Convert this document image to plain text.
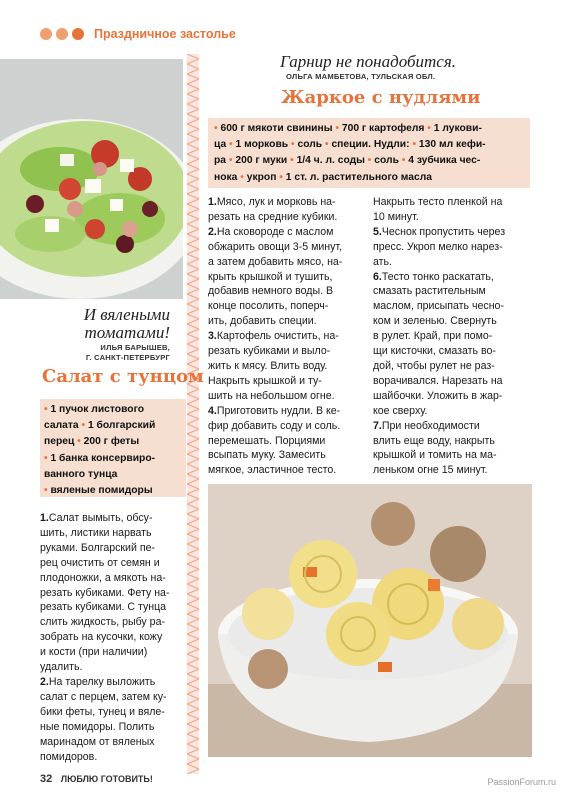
Праздничное застолье
И вялеными
томатами!
ИЛЬЯ БАРЫШЕВ,
Г. САНКТ-ПЕТЕРБУРГ
Салат с тунцом
• 1 пучок листового
салата • 1 болгарский
перец • 200 г феты
• 1 банка консервиро-
ванного тунца
• вяленые помидоры
1.Салат вымыть, обсу-
шить, листики нарвать
руками. Болгарский пе-
рец очистить от семян и
плодоножки, а мякоть на-
резать кубиками. Фету на-
резать кубиками. С тунца
слить жидкость, рыбу ра-
зобрать на кусочки, кожу
и кости (при наличии)
удалить.
2.На тарелку выложить
салат с перцем, затем ку-
бики феты, тунец и вяле-
ные помидоры. Полить
маринадом от вяленых
помидоров.
Гарнир не понадобится.
ОЛЬГА МАМБЕТОВА, ТУЛЬСКАЯ ОБЛ.
Жаркое с нудлями
• 600 г мякоти свинины • 700 г картофеля • 1 лукови-
ца • 1 морковь • соль • специи. Нудли: • 130 мл кефи-
ра • 200 г муки • 1/4 ч. л. соды • соль • 4 зубчика чес-
нока • укроп • 1 ст. л. растительного масла
1.Мясо, лук и морковь на-
резать на средние кубики.
2.На сковороде с маслом
обжарить овощи 3-5 минут,
а затем добавить мясо, на-
крыть крышкой и тушить,
добавив немного воды. В
конце посолить, поперч-
ить, добавить специи.
3.Картофель очистить, на-
резать кубиками и выло-
жить к мясу. Влить воду.
Накрыть крышкой и ту-
шить на небольшом огне.
4.Приготовить нудли. В ке-
фир добавить соду и соль.
перемешать. Порциями
всыпать муку. Замесить
мягкое, эластичное тесто.
Накрыть тесто пленкой на
10 минут.
5.Чеснок пропустить через
пресс. Укроп мелко нарез-
ать.
6.Тесто тонко раскатать,
смазать растительным
маслом, присыпать чесно-
ком и зеленью. Свернуть
в рулет. Край, при помо-
щи кисточки, смазать во-
дой, чтобы рулет не раз-
ворачивался. Нарезать на
шайбочки. Уложить в жар-
кое сверху.
7.При необходимости
влить еще воду, накрыть
крышкой и томить на ма-
леньком огне 15 минут.
32 ЛЮБЛЮ ГОТОВИТЬ!	PassionForum.ru
